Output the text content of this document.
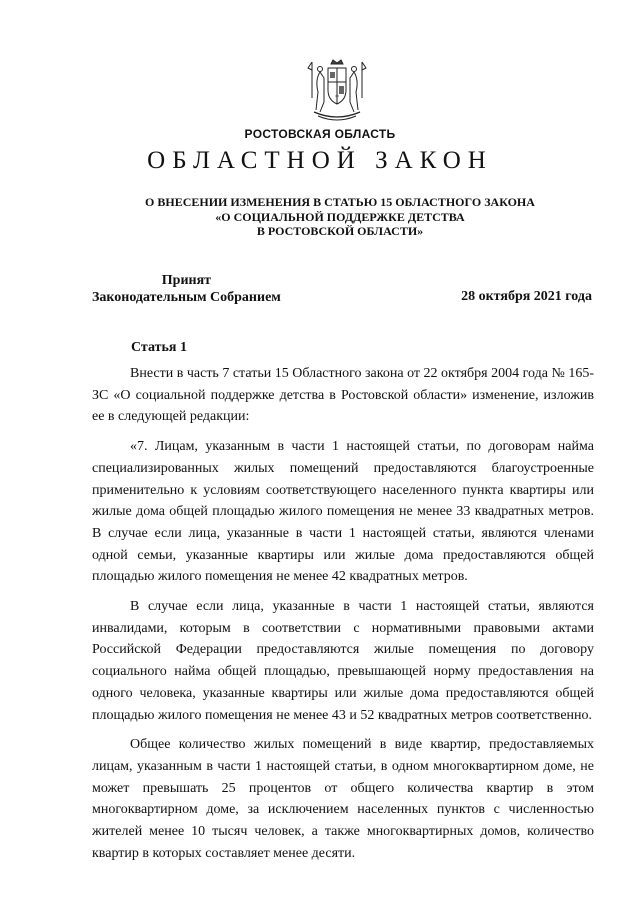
РОСТОВСКАЯ ОБЛАСТЬ
ОБЛАСТНОЙ ЗАКОН
О ВНЕСЕНИИ ИЗМЕНЕНИЯ В СТАТЬЮ 15 ОБЛАСТНОГО ЗАКОНА
«О СОЦИАЛЬНОЙ ПОДДЕРЖКЕ ДЕТСТВА
В РОСТОВСКОЙ ОБЛАСТИ»
Принят
Законодательным Собранием	28 октября 2021 года
Статья 1

Внести в часть 7 статьи 15 Областного закона от 22 октября 2004 года № 165-ЗС «О социальной поддержке детства в Ростовской области» изменение, изложив ее в следующей редакции:

«7. Лицам, указанным в части 1 настоящей статьи, по договорам найма специализированных жилых помещений предоставляются благоустроенные применительно к условиям соответствующего населенного пункта квартиры или жилые дома общей площадью жилого помещения не менее 33 квадратных метров. В случае если лица, указанные в части 1 настоящей статьи, являются членами одной семьи, указанные квартиры или жилые дома предоставляются общей площадью жилого помещения не менее 42 квадратных метров.

В случае если лица, указанные в части 1 настоящей статьи, являются инвалидами, которым в соответствии с нормативными правовыми актами Российской Федерации предоставляются жилые помещения по договору социального найма общей площадью, превышающей норму предоставления на одного человека, указанные квартиры или жилые дома предоставляются общей площадью жилого помещения не менее 43 и 52 квадратных метров соответственно.

Общее количество жилых помещений в виде квартир, предоставляемых лицам, указанным в части 1 настоящей статьи, в одном многоквартирном доме, не может превышать 25 процентов от общего количества квартир в этом многоквартирном доме, за исключением населенных пунктов с численностью жителей менее 10 тысяч человек, а также многоквартирных домов, количество квартир в которых составляет менее десяти.
